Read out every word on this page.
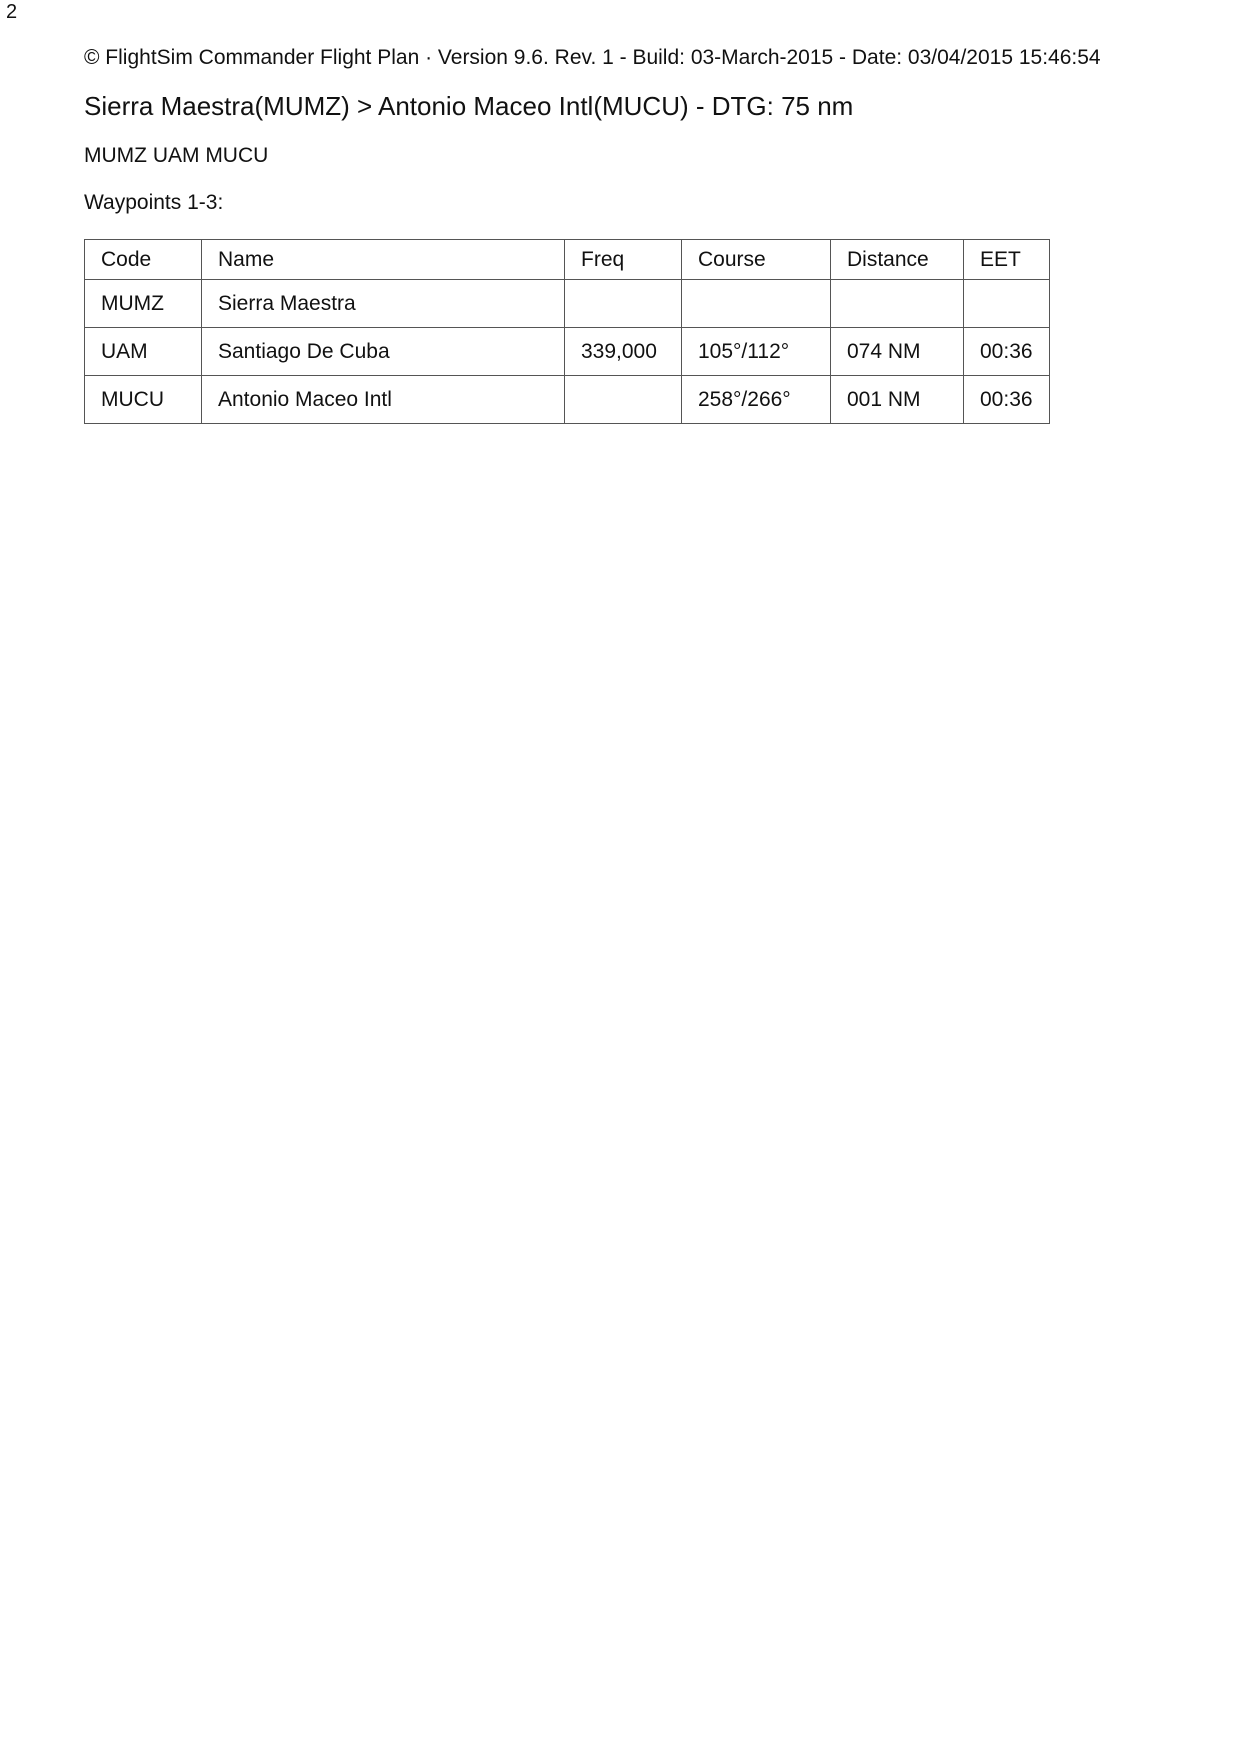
2
© FlightSim Commander Flight Plan · Version 9.6. Rev. 1 - Build: 03-March-2015 - Date: 03/04/2015 15:46:54
Sierra Maestra(MUMZ) > Antonio Maceo Intl(MUCU) - DTG: 75 nm
MUMZ UAM MUCU
Waypoints 1-3:
Code	Name	Freq	Course	Distance	EET
MUMZ	Sierra Maestra				
UAM	Santiago De Cuba	339,000	105°/112°	074 NM	00:36
MUCU	Antonio Maceo Intl		258°/266°	001 NM	00:36
